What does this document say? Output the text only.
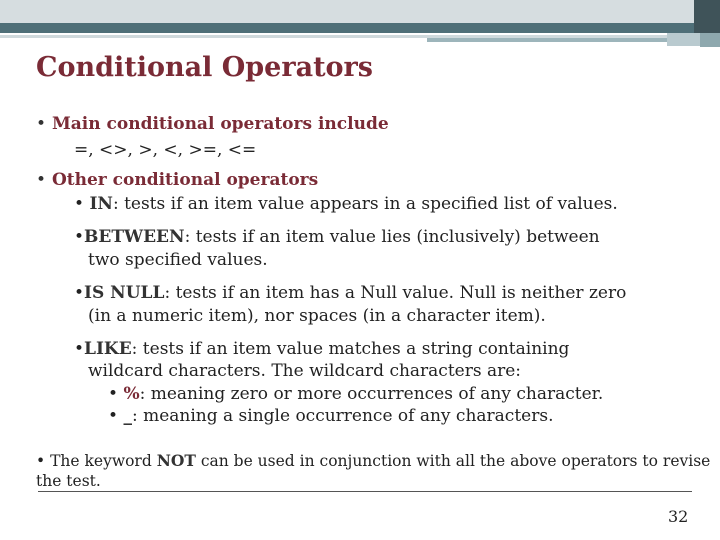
Conditional Operators

• Main conditional operators include

=, <>, >, <, >=, <=

• Other conditional operators

• IN: tests if an item value appears in a specified list of values.

•BETWEEN: tests if an item value lies (inclusively) between

two specified values.

•IS NULL: tests if an item has a Null value. Null is neither zero

(in a numeric item), nor spaces (in a character item).

•LIKE: tests if an item value matches a string containing

wildcard characters. The wildcard characters are:

• %: meaning zero or more occurrences of any character.

• _: meaning a single occurrence of any characters.

• The keyword NOT can be used in conjunction with all the above operators to revise

the test.

32
